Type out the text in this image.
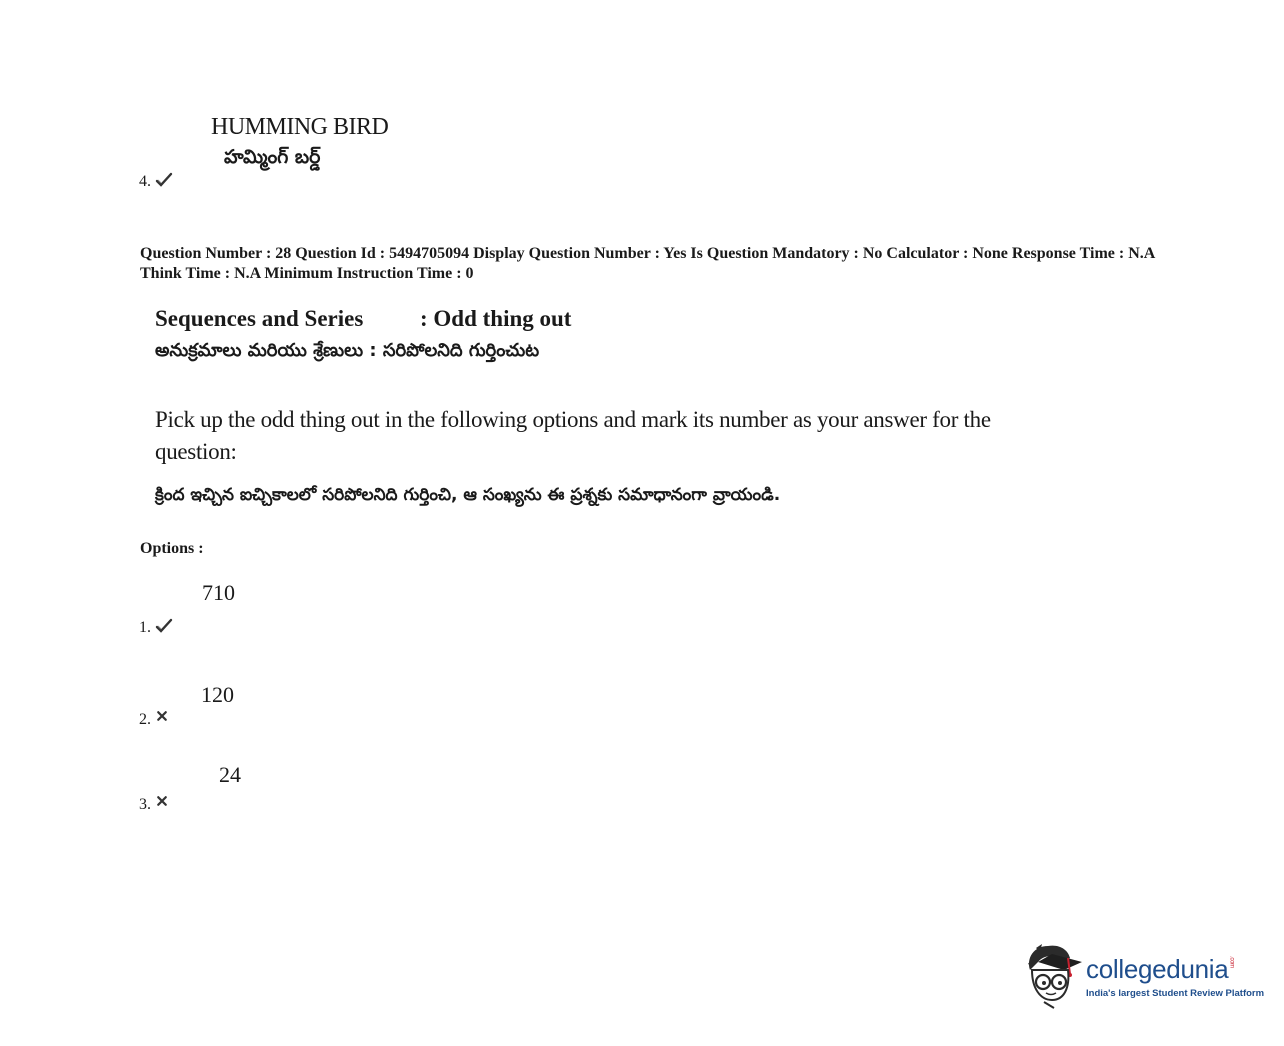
HUMMING BIRD
హమ్మింగ్ బర్డ్
4.
Question Number : 28 Question Id : 5494705094 Display Question Number : Yes Is Question Mandatory : No Calculator : None Response Time : N.A Think Time : N.A Minimum Instruction Time : 0
Sequences and Series : Odd thing out
అనుక్రమాలు మరియు శ్రేణులు : సరిపోలనిది గుర్తించుట
Pick up the odd thing out in the following options and mark its number as your answer for the question:
క్రింద ఇచ్చిన ఐచ్చికాలలో సరిపోలనిది గుర్తించి, ఆ సంఖ్యను ఈ ప్రశ్నకు సమాధానంగా వ్రాయండి.
Options :
710
1.
120
2.
24
3.
collegedunia.com
India's largest Student Review Platform
